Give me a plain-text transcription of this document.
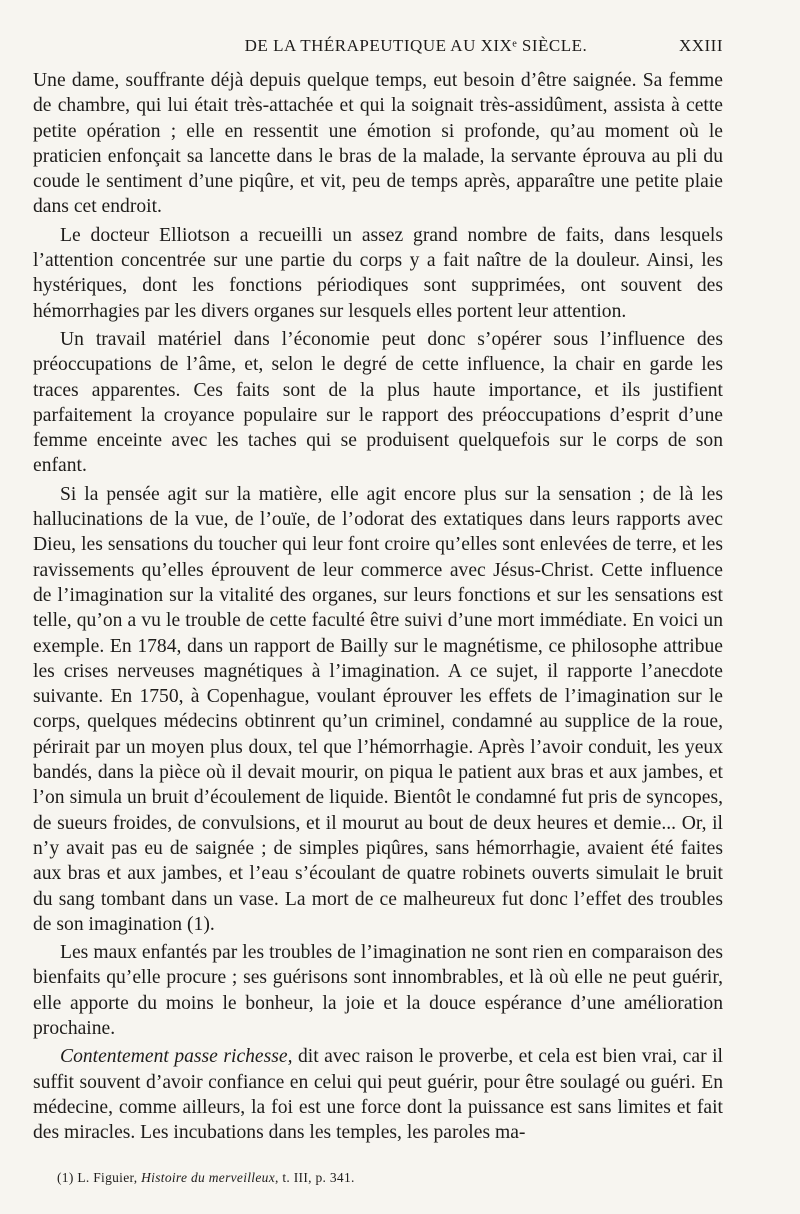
DE LA THÉRAPEUTIQUE AU XIXᵉ SIÈCLE.	XXIII

Une dame, souffrante déjà depuis quelque temps, eut besoin d’être saignée. Sa femme de chambre, qui lui était très-attachée et qui la soignait très-assidûment, assista à cette petite opération ; elle en ressentit une émotion si profonde, qu’au moment où le praticien enfonçait sa lancette dans le bras de la malade, la servante éprouva au pli du coude le sentiment d’une piqûre, et vit, peu de temps après, apparaître une petite plaie dans cet endroit.

Le docteur Elliotson a recueilli un assez grand nombre de faits, dans lesquels l’attention concentrée sur une partie du corps y a fait naître de la douleur. Ainsi, les hystériques, dont les fonctions périodiques sont supprimées, ont souvent des hémorrhagies par les divers organes sur lesquels elles portent leur attention.

Un travail matériel dans l’économie peut donc s’opérer sous l’influence des préoccupations de l’âme, et, selon le degré de cette influence, la chair en garde les traces apparentes. Ces faits sont de la plus haute importance, et ils justifient parfaitement la croyance populaire sur le rapport des préoccupations d’esprit d’une femme enceinte avec les taches qui se produisent quelquefois sur le corps de son enfant.

Si la pensée agit sur la matière, elle agit encore plus sur la sensation ; de là les hallucinations de la vue, de l’ouïe, de l’odorat des extatiques dans leurs rapports avec Dieu, les sensations du toucher qui leur font croire qu’elles sont enlevées de terre, et les ravissements qu’elles éprouvent de leur commerce avec Jésus-Christ. Cette influence de l’imagination sur la vitalité des organes, sur leurs fonctions et sur les sensations est telle, qu’on a vu le trouble de cette faculté être suivi d’une mort immédiate. En voici un exemple. En 1784, dans un rapport de Bailly sur le magnétisme, ce philosophe attribue les crises nerveuses magnétiques à l’imagination. A ce sujet, il rapporte l’anecdote suivante. En 1750, à Copenhague, voulant éprouver les effets de l’imagination sur le corps, quelques médecins obtinrent qu’un criminel, condamné au supplice de la roue, périrait par un moyen plus doux, tel que l’hémorrhagie. Après l’avoir conduit, les yeux bandés, dans la pièce où il devait mourir, on piqua le patient aux bras et aux jambes, et l’on simula un bruit d’écoulement de liquide. Bientôt le condamné fut pris de syncopes, de sueurs froides, de convulsions, et il mourut au bout de deux heures et demie... Or, il n’y avait pas eu de saignée ; de simples piqûres, sans hémorrhagie, avaient été faites aux bras et aux jambes, et l’eau s’écoulant de quatre robinets ouverts simulait le bruit du sang tombant dans un vase. La mort de ce malheureux fut donc l’effet des troubles de son imagination (1).

Les maux enfantés par les troubles de l’imagination ne sont rien en comparaison des bienfaits qu’elle procure ; ses guérisons sont innombrables, et là où elle ne peut guérir, elle apporte du moins le bonheur, la joie et la douce espérance d’une amélioration prochaine.

Contentement passe richesse, dit avec raison le proverbe, et cela est bien vrai, car il suffit souvent d’avoir confiance en celui qui peut guérir, pour être soulagé ou guéri. En médecine, comme ailleurs, la foi est une force dont la puissance est sans limites et fait des miracles. Les incubations dans les temples, les paroles ma-

(1) L. Figuier, Histoire du merveilleux, t. III, p. 341.
